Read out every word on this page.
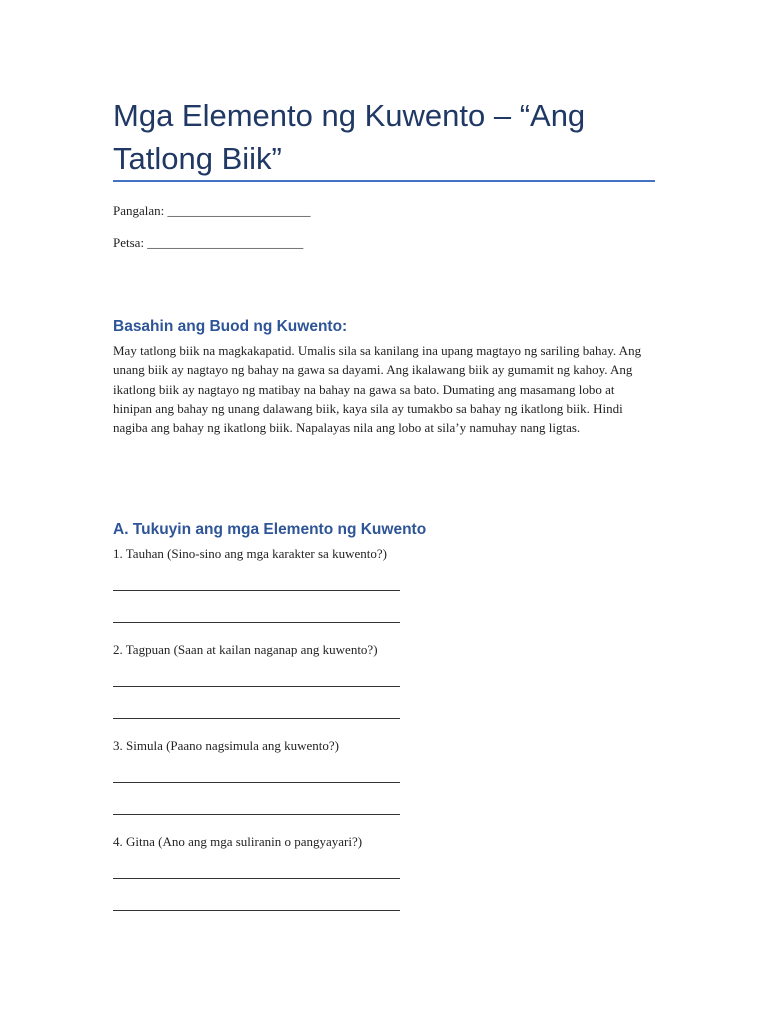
Mga Elemento ng Kuwento – “Ang Tatlong Biik”
Pangalan: ______________________
Petsa: ________________________
Basahin ang Buod ng Kuwento:

May tatlong biik na magkakapatid. Umalis sila sa kanilang ina upang magtayo ng sariling bahay. Ang unang biik ay nagtayo ng bahay na gawa sa dayami. Ang ikalawang biik ay gumamit ng kahoy. Ang ikatlong biik ay nagtayo ng matibay na bahay na gawa sa bato. Dumating ang masamang lobo at hinipan ang bahay ng unang dalawang biik, kaya sila ay tumakbo sa bahay ng ikatlong biik. Hindi nagiba ang bahay ng ikatlong biik. Napalayas nila ang lobo at sila’y namuhay nang ligtas.

A. Tukuyin ang mga Elemento ng Kuwento

1. Tauhan (Sino-sino ang mga karakter sa kuwento?)

2. Tagpuan (Saan at kailan naganap ang kuwento?)

3. Simula (Paano nagsimula ang kuwento?)

4. Gitna (Ano ang mga suliranin o pangyayari?)
